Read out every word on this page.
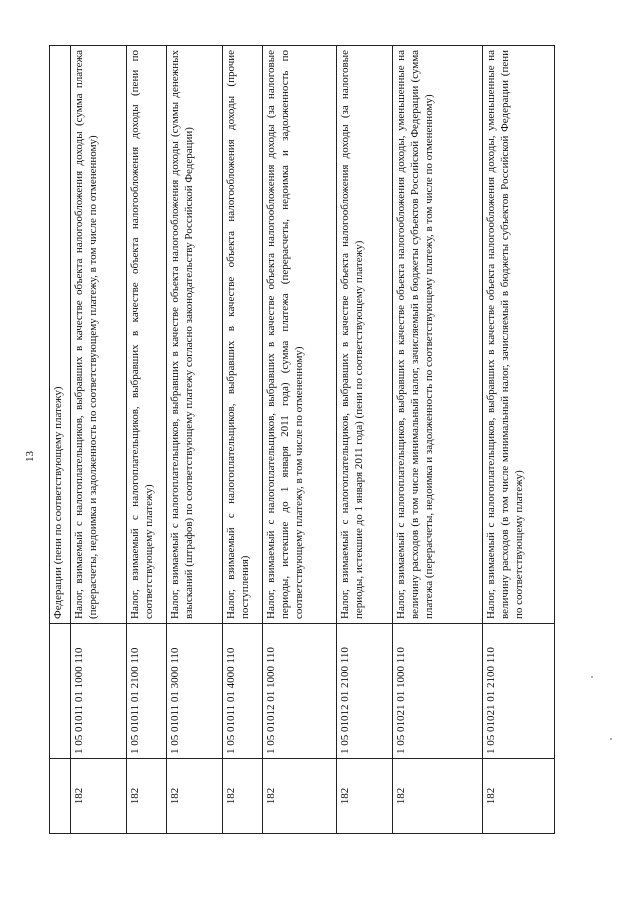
13
		Федерации (пени по соответствующему платежу)
182	1 05 01011 01 1000 110	Налог, взимаемый с налогоплательщиков, выбравших в качестве объекта налогообложения доходы (сумма платежа (перерасчеты, недоимка и задолженность по соответствующему платежу, в том числе по отмененному)
182	1 05 01011 01 2100 110	Налог, взимаемый с налогоплательщиков, выбравших в качестве объекта налогообложения доходы (пени по соответствующему платежу)
182	1 05 01011 01 3000 110	Налог, взимаемый с налогоплательщиков, выбравших в качестве объекта налогообложения доходы (суммы денежных взысканий (штрафов) по соответствующему платежу согласно законодательству Российской Федерации)
182	1 05 01011 01 4000 110	Налог, взимаемый с налогоплательщиков, выбравших в качестве объекта налогообложения доходы (прочие поступления)
182	1 05 01012 01 1000 110	Налог, взимаемый с налогоплательщиков, выбравших в качестве объекта налогообложения доходы (за налоговые периоды, истекшие до 1 января 2011 года) (сумма платежа (перерасчеты, недоимка и задолженность по соответствующему платежу, в том числе по отмененному)
182	1 05 01012 01 2100 110	Налог, взимаемый с налогоплательщиков, выбравших в качестве объекта налогообложения доходы (за налоговые периоды, истекшие до 1 января 2011 года) (пени по соответствующему платежу)
182	1 05 01021 01 1000 110	Налог, взимаемый с налогоплательщиков, выбравших в качестве объекта налогообложения доходы, уменьшенные на величину расходов (в том числе минимальный налог, зачисляемый в бюджеты субъектов Российской Федерации (сумма платежа (перерасчеты, недоимка и задолженность по соответствующему платежу, в том числе по отмененному)
182	1 05 01021 01 2100 110	Налог, взимаемый с налогоплательщиков, выбравших в качестве объекта налогообложения доходы, уменьшенные на величину расходов (в том числе минимальный налог, зачисляемый в бюджеты субъектов Российской Федерации (пени по соответствующему платежу)
